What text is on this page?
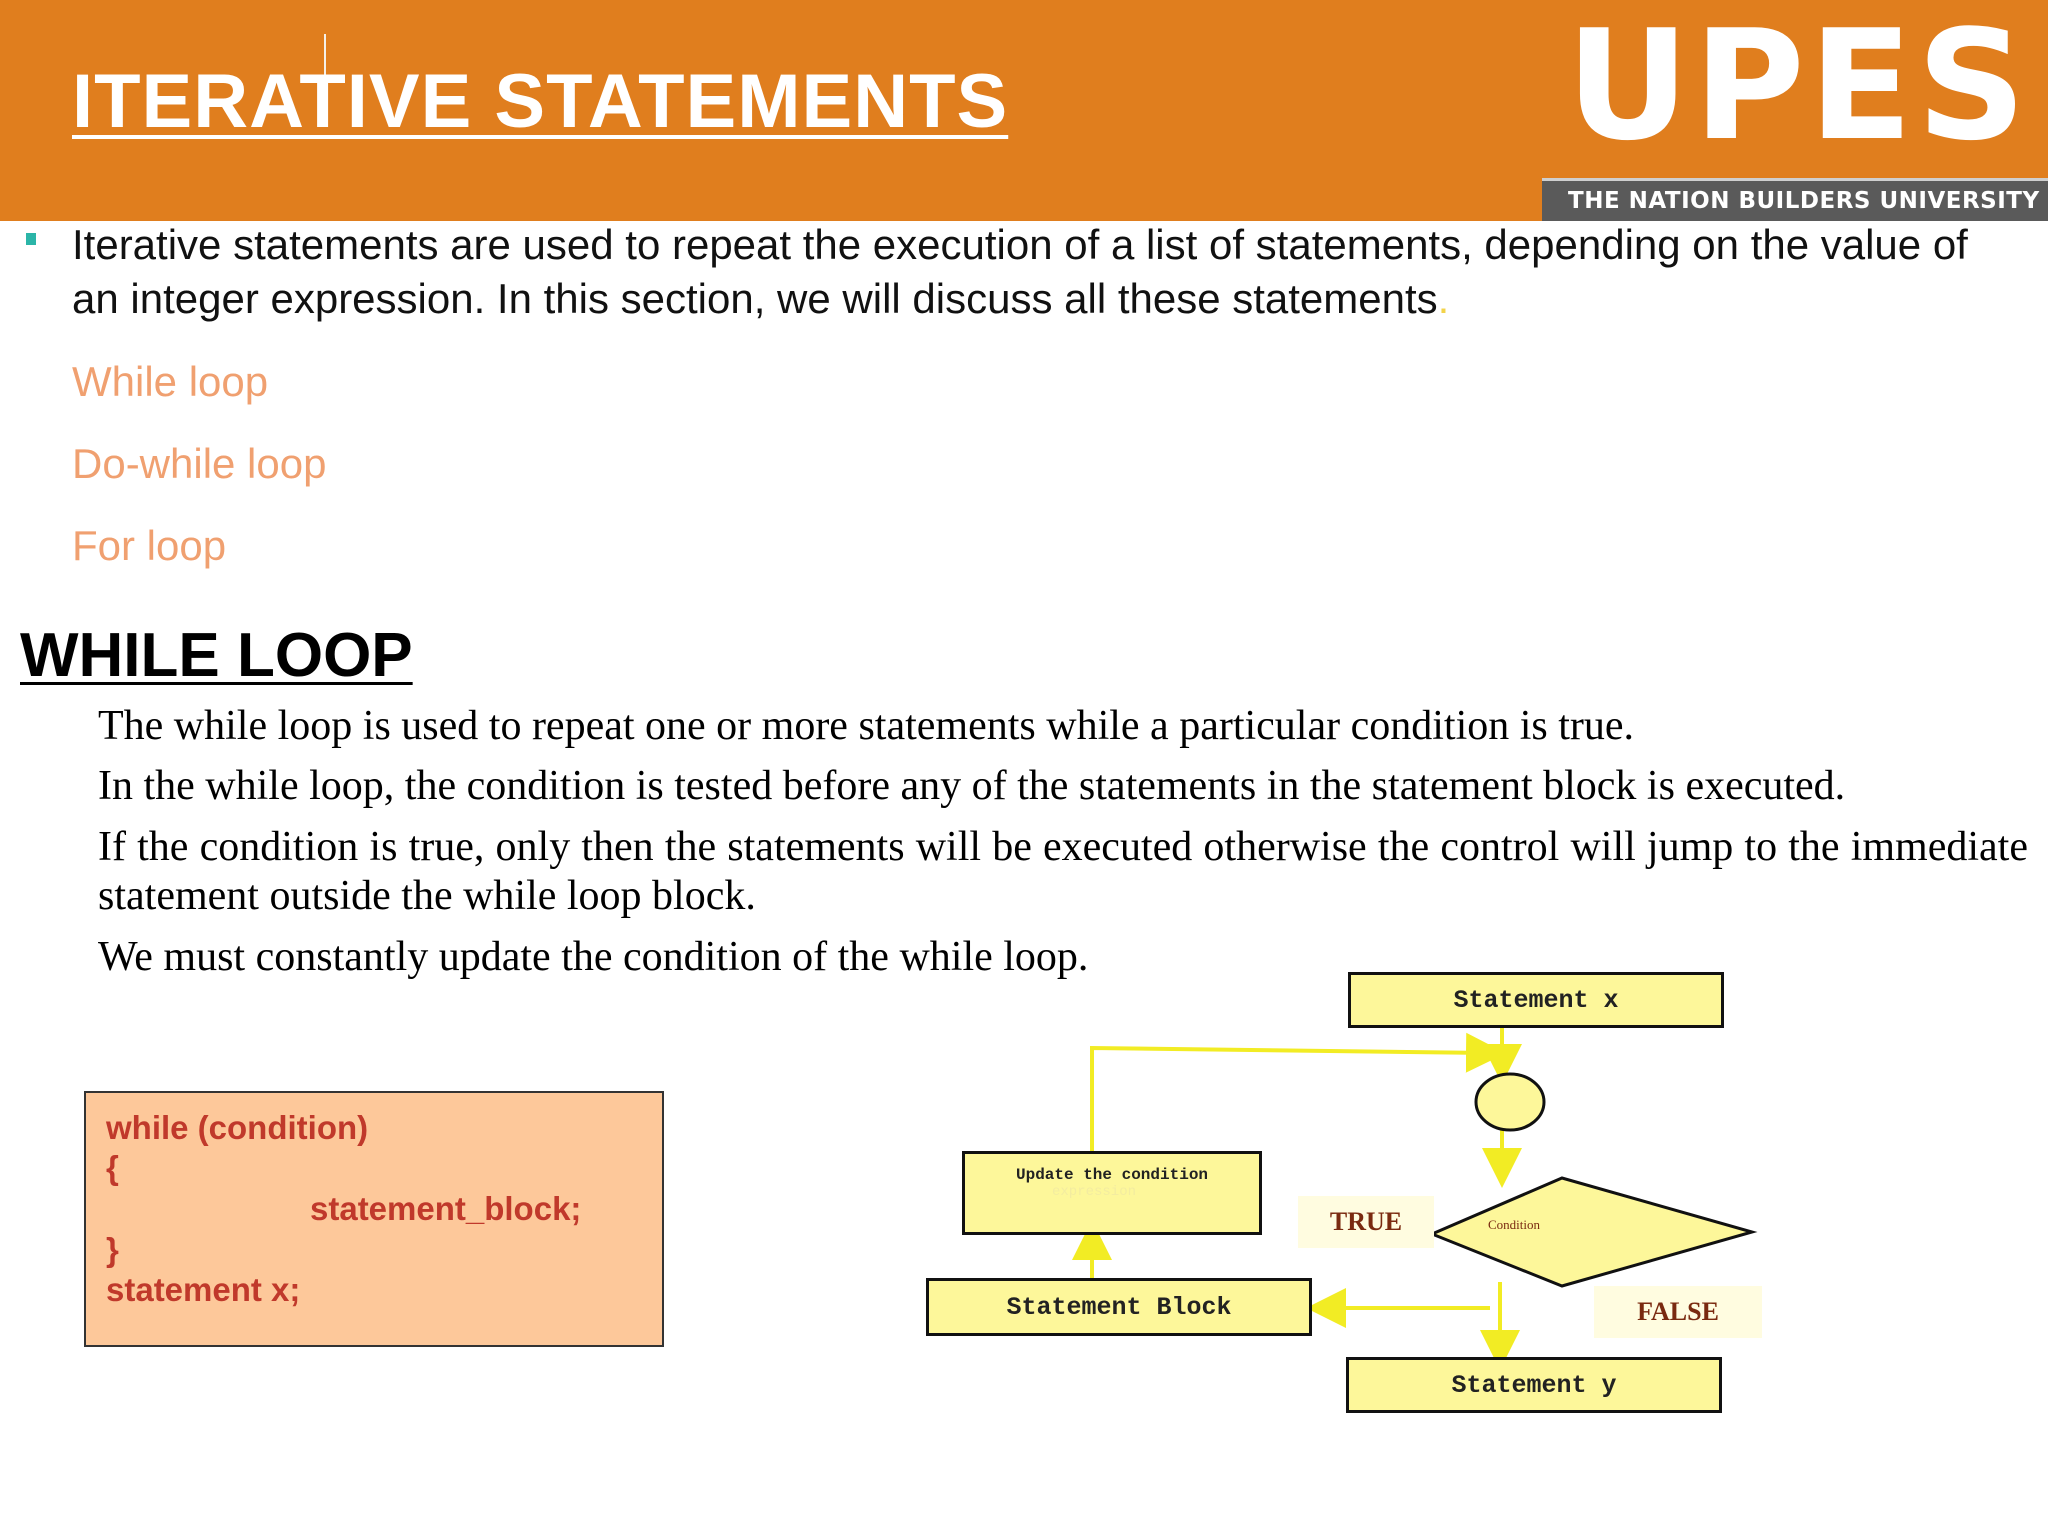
ITERATIVE STATEMENTS	UPES
THE NATION BUILDERS UNIVERSITY

Iterative statements are used to repeat the execution of a list of statements, depending on the value of an integer expression. In this section, we will discuss all these statements.

While loop

Do-while loop

For loop

WHILE LOOP

The while loop is used to repeat one or more statements while a particular condition is true.

In the while loop, the condition is tested before any of the statements in the statement block is executed.

If the condition is true, only then the statements will be executed otherwise the control will jump to the immediate statement outside the while loop block.

We must constantly update the condition of the while loop.

while (condition)

{

statement_block;

}

statement x;

Statement x
Update the condition
expression
TRUE	Condition
Statement Block	FALSE
Statement y
